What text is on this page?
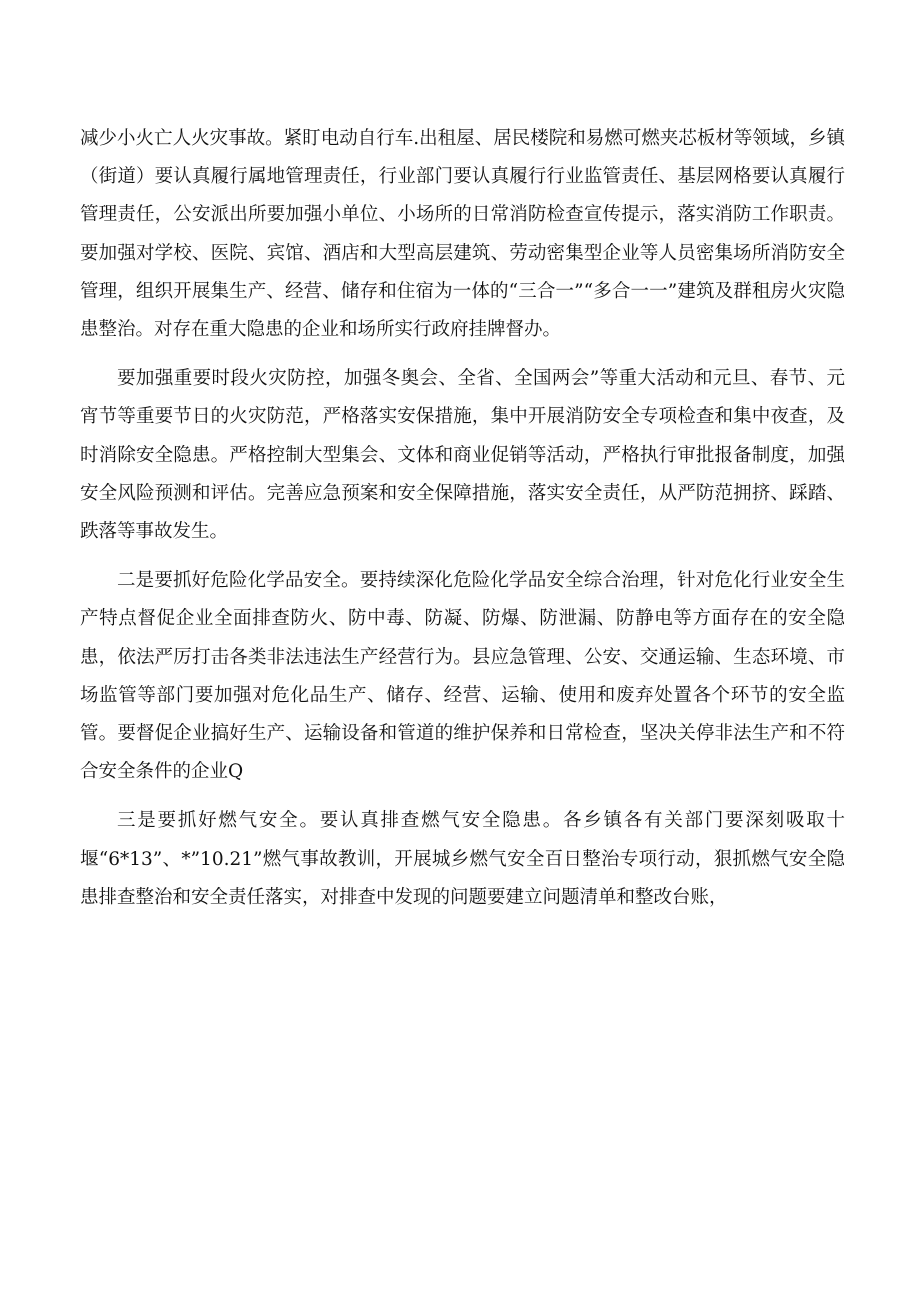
减少小火亡人火灾事故。紧盯电动自行车.出租屋、居民楼院和易燃可燃夹芯板材等领域，乡镇（街道）要认真履行属地管理责任，行业部门要认真履行行业监管责任、基层网格要认真履行管理责任，公安派出所要加强小单位、小场所的日常消防检查宣传提示，落实消防工作职责。要加强对学校、医院、宾馆、酒店和大型高层建筑、劳动密集型企业等人员密集场所消防安全管理，组织开展集生产、经营、储存和住宿为一体的“三合一”“多合一一”建筑及群租房火灾隐患整治。对存在重大隐患的企业和场所实行政府挂牌督办。

要加强重要时段火灾防控，加强冬奥会、全省、全国两会”等重大活动和元旦、春节、元宵节等重要节日的火灾防范，严格落实安保措施，集中开展消防安全专项检查和集中夜查，及时消除安全隐患。严格控制大型集会、文体和商业促销等活动，严格执行审批报备制度，加强安全风险预测和评估。完善应急预案和安全保障措施，落实安全责任，从严防范拥挤、踩踏、跌落等事故发生。

二是要抓好危险化学品安全。要持续深化危险化学品安全综合治理，针对危化行业安全生产特点督促企业全面排查防火、防中毒、防凝、防爆、防泄漏、防静电等方面存在的安全隐患，依法严厉打击各类非法违法生产经营行为。县应急管理、公安、交通运输、生态环境、市场监管等部门要加强对危化品生产、储存、经营、运输、使用和废弃处置各个环节的安全监管。要督促企业搞好生产、运输设备和管道的维护保养和日常检查，坚决关停非法生产和不符合安全条件的企业Q

三是要抓好燃气安全。要认真排查燃气安全隐患。各乡镇各有关部门要深刻吸取十堰“6*13”、*”10.21”燃气事故教训，开展城乡燃气安全百日整治专项行动，狠抓燃气安全隐患排查整治和安全责任落实，对排查中发现的问题要建立问题清单和整改台账，
